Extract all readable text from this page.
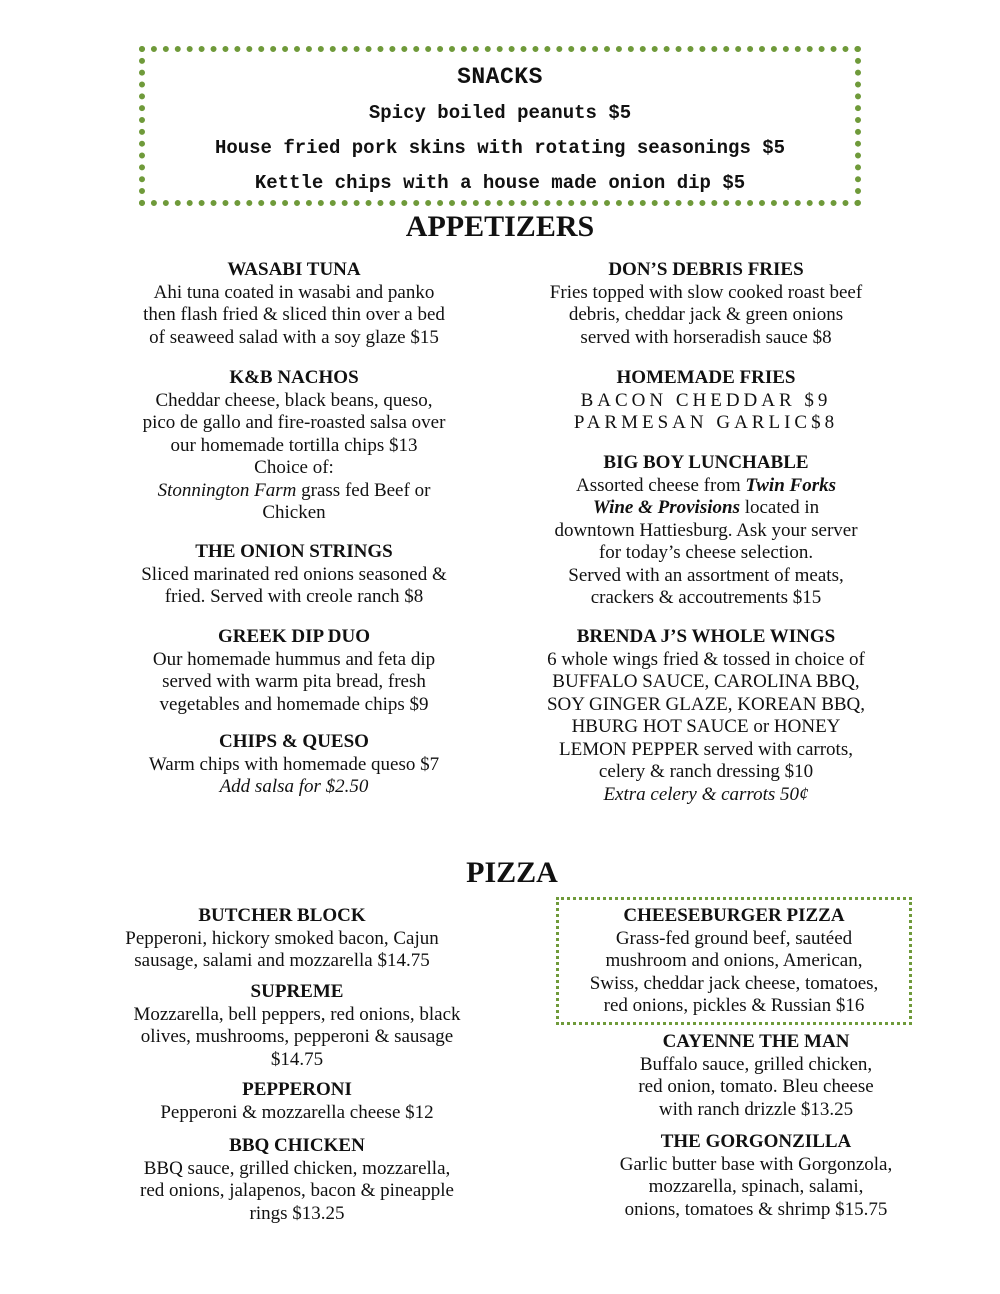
SNACKS
Spicy boiled peanuts $5
House fried pork skins with rotating seasonings $5
Kettle chips with a house made onion dip $5
APPETIZERS
WASABI TUNA
Ahi tuna coated in wasabi and panko
then flash fried & sliced thin over a bed
of seaweed salad with a soy glaze $15
K&B NACHOS
Cheddar cheese, black beans, queso,
pico de gallo and fire-roasted salsa over
our homemade tortilla chips $13
Choice of:
Stonnington Farm grass fed Beef or
Chicken
THE ONION STRINGS
Sliced marinated red onions seasoned &
fried. Served with creole ranch $8
GREEK DIP DUO
Our homemade hummus and feta dip
served with warm pita bread, fresh
vegetables and homemade chips $9
CHIPS & QUESO
Warm chips with homemade queso $7
Add salsa for $2.50
DON’S DEBRIS FRIES
Fries topped with slow cooked roast beef
debris, cheddar jack & green onions
served with horseradish sauce $8
HOMEMADE FRIES
BACON CHEDDAR $9
PARMESAN GARLIC$8
BIG BOY LUNCHABLE
Assorted cheese from Twin Forks
Wine & Provisions located in
downtown Hattiesburg. Ask your server
for today’s cheese selection.
Served with an assortment of meats,
crackers & accoutrements $15
BRENDA J’S WHOLE WINGS
6 whole wings fried & tossed in choice of
BUFFALO SAUCE, CAROLINA BBQ,
SOY GINGER GLAZE, KOREAN BBQ,
HBURG HOT SAUCE or HONEY
LEMON PEPPER served with carrots,
celery & ranch dressing $10
Extra celery & carrots 50¢
PIZZA
BUTCHER BLOCK
Pepperoni, hickory smoked bacon, Cajun
sausage, salami and mozzarella $14.75
SUPREME
Mozzarella, bell peppers, red onions, black
olives, mushrooms, pepperoni & sausage
$14.75
PEPPERONI
Pepperoni & mozzarella cheese $12
BBQ CHICKEN
BBQ sauce, grilled chicken, mozzarella,
red onions, jalapenos, bacon & pineapple
rings $13.25
CHEESEBURGER PIZZA
Grass-fed ground beef, sautéed
mushroom and onions, American,
Swiss, cheddar jack cheese, tomatoes,
red onions, pickles & Russian $16
CAYENNE THE MAN
Buffalo sauce, grilled chicken,
red onion, tomato. Bleu cheese
with ranch drizzle $13.25
THE GORGONZILLA
Garlic butter base with Gorgonzola,
mozzarella, spinach, salami,
onions, tomatoes & shrimp $15.75
